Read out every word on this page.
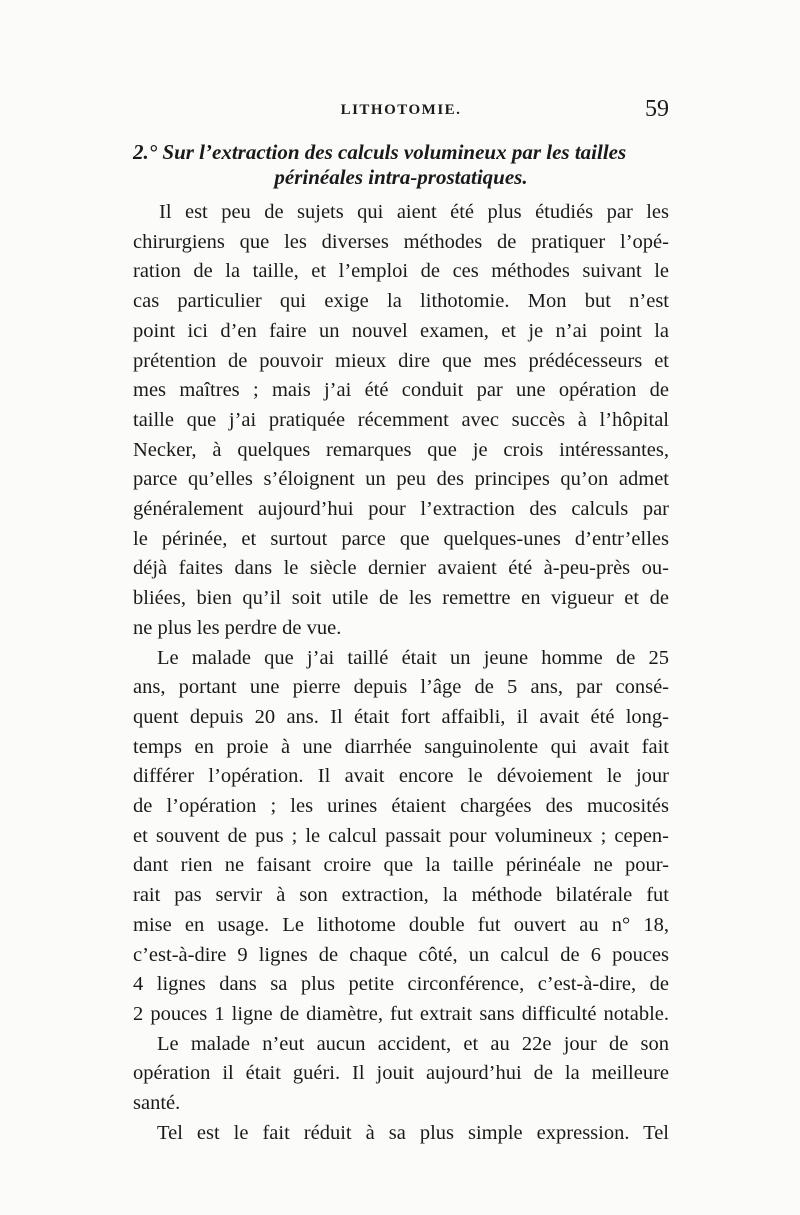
LITHOTOMIE.	59
2.° Sur l’extraction des calculs volumineux par les tailles
périnéales intra-prostatiques.
Il est peu de sujets qui aient été plus étudiés par les
chirurgiens que les diverses méthodes de pratiquer l’opé-
ration de la taille, et l’emploi de ces méthodes suivant le
cas particulier qui exige la lithotomie. Mon but n’est
point ici d’en faire un nouvel examen, et je n’ai point la
prétention de pouvoir mieux dire que mes prédécesseurs et
mes maîtres ; mais j’ai été conduit par une opération de
taille que j’ai pratiquée récemment avec succès à l’hôpital
Necker, à quelques remarques que je crois intéressantes,
parce qu’elles s’éloignent un peu des principes qu’on admet
généralement aujourd’hui pour l’extraction des calculs par
le périnée, et surtout parce que quelques-unes d’entr’elles
déjà faites dans le siècle dernier avaient été à-peu-près ou-
bliées, bien qu’il soit utile de les remettre en vigueur et de
ne plus les perdre de vue.
Le malade que j’ai taillé était un jeune homme de 25
ans, portant une pierre depuis l’âge de 5 ans, par consé-
quent depuis 20 ans. Il était fort affaibli, il avait été long-
temps en proie à une diarrhée sanguinolente qui avait fait
différer l’opération. Il avait encore le dévoiement le jour
de l’opération ; les urines étaient chargées des mucosités
et souvent de pus ; le calcul passait pour volumineux ; cepen-
dant rien ne faisant croire que la taille périnéale ne pour-
rait pas servir à son extraction, la méthode bilatérale fut
mise en usage. Le lithotome double fut ouvert au n° 18,
c’est-à-dire 9 lignes de chaque côté, un calcul de 6 pouces
4 lignes dans sa plus petite circonférence, c’est-à-dire, de
2 pouces 1 ligne de diamètre, fut extrait sans difficulté notable.
Le malade n’eut aucun accident, et au 22e jour de son
opération il était guéri. Il jouit aujourd’hui de la meilleure
santé.
Tel est le fait réduit à sa plus simple expression. Tel
